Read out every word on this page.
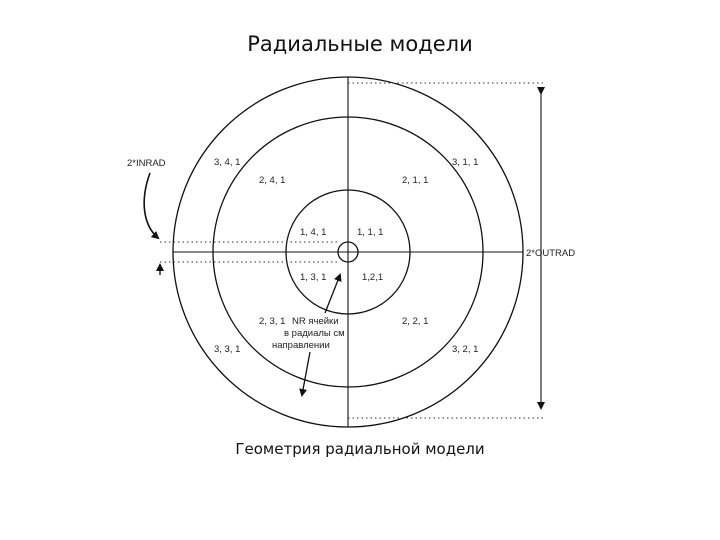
Радиальные модели
3, 4, 1	3, 1, 1
3, 3, 1	3, 2, 1
2, 4, 1	2, 1, 1
2, 3, 1	2, 2, 1
1, 4, 1	1, 1, 1
1, 3, 1	1,2,1
2*INRAD
2*OUTRAD
NR ячейки
в радиалы см
направлении
Геометрия радиальной модели
